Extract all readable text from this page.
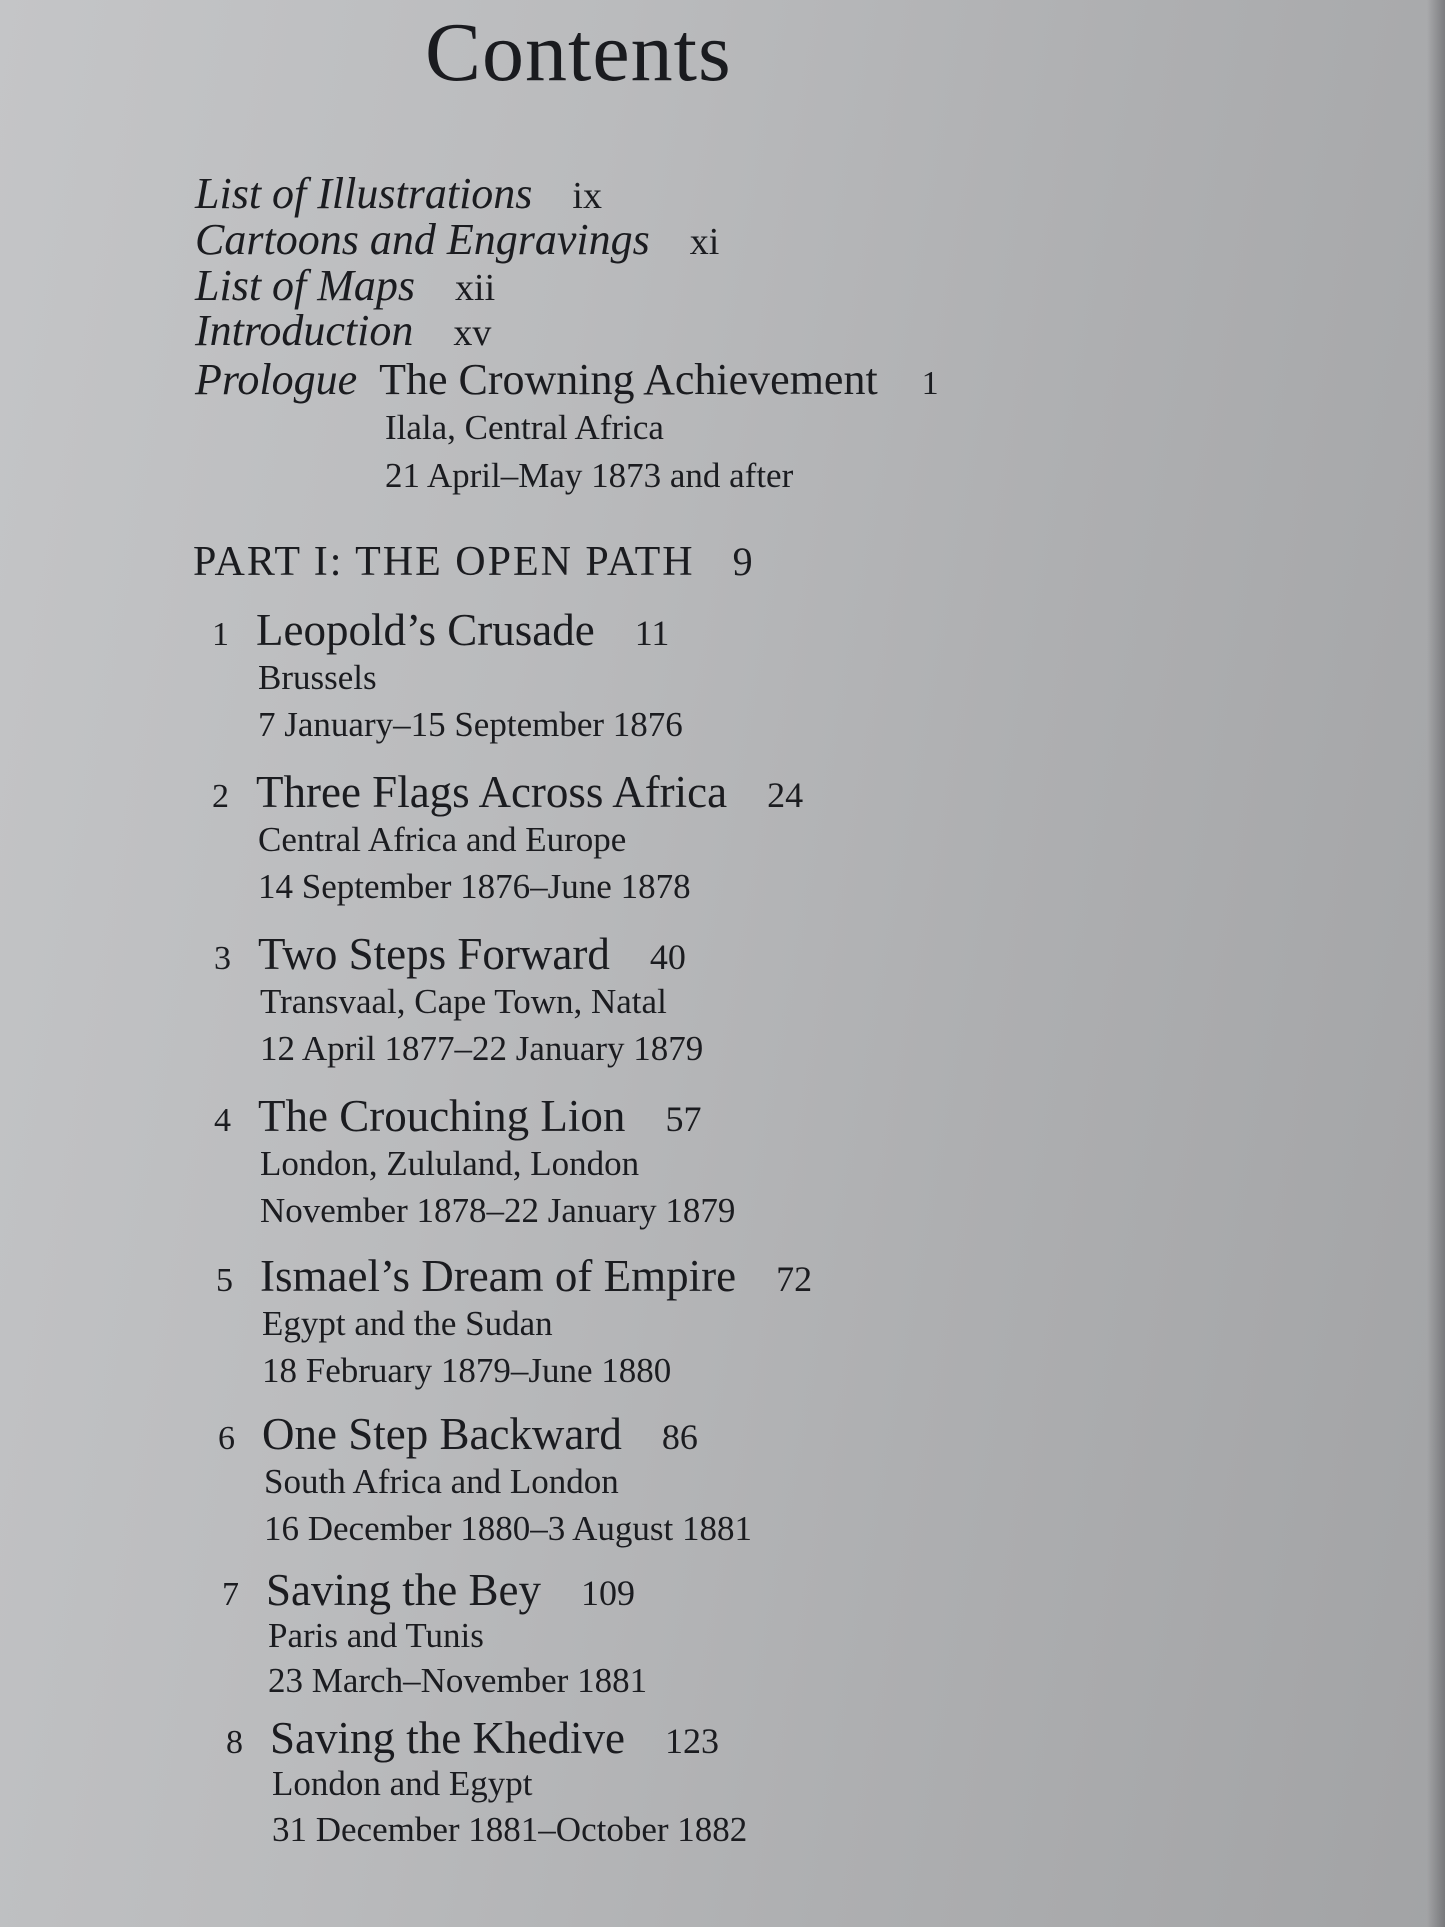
Contents
List of Illustrations ix
Cartoons and Engravings xi
List of Maps xii
Introduction xv
Prologue The Crowning Achievement 1
Ilala, Central Africa
21 April–May 1873 and after
PART I: THE OPEN PATH 9
1 Leopold’s Crusade 11
Brussels
7 January–15 September 1876
2 Three Flags Across Africa 24
Central Africa and Europe
14 September 1876–June 1878
3 Two Steps Forward 40
Transvaal, Cape Town, Natal
12 April 1877–22 January 1879
4 The Crouching Lion 57
London, Zululand, London
November 1878–22 January 1879
5 Ismael’s Dream of Empire 72
Egypt and the Sudan
18 February 1879–June 1880
6 One Step Backward 86
South Africa and London
16 December 1880–3 August 1881
7 Saving the Bey 109
Paris and Tunis
23 March–November 1881
8 Saving the Khedive 123
London and Egypt
31 December 1881–October 1882
